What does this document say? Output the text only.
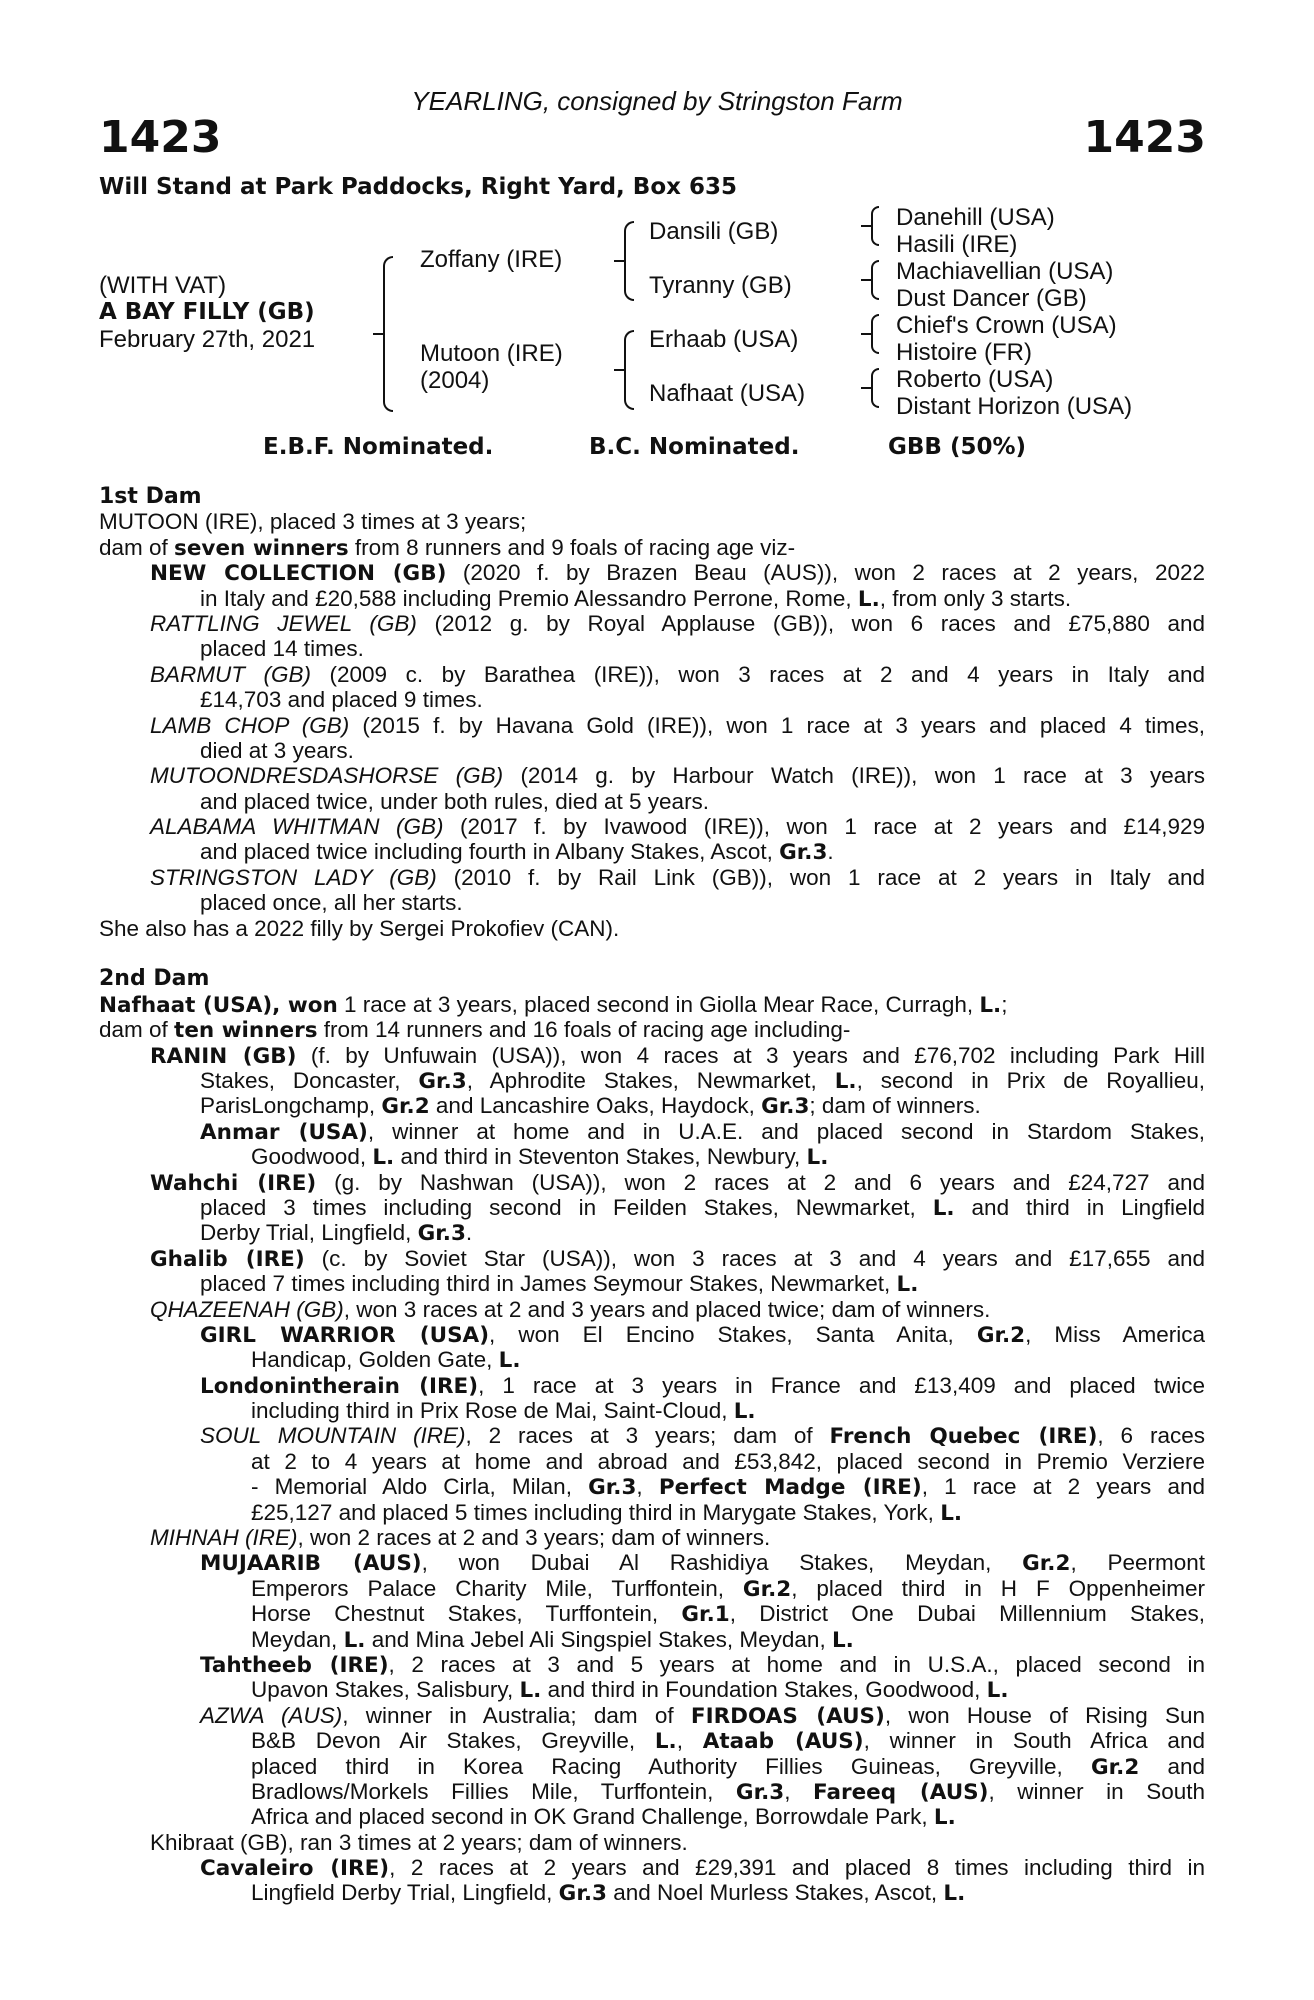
YEARLING, consigned by Stringston Farm
1423	1423
Will Stand at Park Paddocks, Right Yard, Box 635
(WITH VAT)
A BAY FILLY (GB)
February 27th, 2021
Zoffany (IRE)
Mutoon (IRE)
(2004)
Dansili (GB)
Tyranny (GB)
Erhaab (USA)
Nafhaat (USA)
Danehill (USA)
Hasili (IRE)
Machiavellian (USA)
Dust Dancer (GB)
Chief's Crown (USA)
Histoire (FR)
Roberto (USA)
Distant Horizon (USA)
E.B.F. Nominated.	B.C. Nominated.	GBB (50%)
1st Dam
MUTOON (IRE), placed 3 times at 3 years;
dam of seven winners from 8 runners and 9 foals of racing age viz-
NEW COLLECTION (GB) (2020 f. by Brazen Beau (AUS)), won 2 races at 2 years, 2022
in Italy and £20,588 including Premio Alessandro Perrone, Rome, L., from only 3 starts.
RATTLING JEWEL (GB) (2012 g. by Royal Applause (GB)), won 6 races and £75,880 and
placed 14 times.
BARMUT (GB) (2009 c. by Barathea (IRE)), won 3 races at 2 and 4 years in Italy and
£14,703 and placed 9 times.
LAMB CHOP (GB) (2015 f. by Havana Gold (IRE)), won 1 race at 3 years and placed 4 times,
died at 3 years.
MUTOONDRESDASHORSE (GB) (2014 g. by Harbour Watch (IRE)), won 1 race at 3 years
and placed twice, under both rules, died at 5 years.
ALABAMA WHITMAN (GB) (2017 f. by Ivawood (IRE)), won 1 race at 2 years and £14,929
and placed twice including fourth in Albany Stakes, Ascot, Gr.3.
STRINGSTON LADY (GB) (2010 f. by Rail Link (GB)), won 1 race at 2 years in Italy and
placed once, all her starts.
She also has a 2022 filly by Sergei Prokofiev (CAN).
2nd Dam
Nafhaat (USA), won 1 race at 3 years, placed second in Giolla Mear Race, Curragh, L.;
dam of ten winners from 14 runners and 16 foals of racing age including-
RANIN (GB) (f. by Unfuwain (USA)), won 4 races at 3 years and £76,702 including Park Hill
Stakes, Doncaster, Gr.3, Aphrodite Stakes, Newmarket, L., second in Prix de Royallieu,
ParisLongchamp, Gr.2 and Lancashire Oaks, Haydock, Gr.3; dam of winners.
Anmar (USA), winner at home and in U.A.E. and placed second in Stardom Stakes,
Goodwood, L. and third in Steventon Stakes, Newbury, L.
Wahchi (IRE) (g. by Nashwan (USA)), won 2 races at 2 and 6 years and £24,727 and
placed 3 times including second in Feilden Stakes, Newmarket, L. and third in Lingfield
Derby Trial, Lingfield, Gr.3.
Ghalib (IRE) (c. by Soviet Star (USA)), won 3 races at 3 and 4 years and £17,655 and
placed 7 times including third in James Seymour Stakes, Newmarket, L.
QHAZEENAH (GB), won 3 races at 2 and 3 years and placed twice; dam of winners.
GIRL WARRIOR (USA), won El Encino Stakes, Santa Anita, Gr.2, Miss America
Handicap, Golden Gate, L.
Londonintherain (IRE), 1 race at 3 years in France and £13,409 and placed twice
including third in Prix Rose de Mai, Saint-Cloud, L.
SOUL MOUNTAIN (IRE), 2 races at 3 years; dam of French Quebec (IRE), 6 races
at 2 to 4 years at home and abroad and £53,842, placed second in Premio Verziere
- Memorial Aldo Cirla, Milan, Gr.3, Perfect Madge (IRE), 1 race at 2 years and
£25,127 and placed 5 times including third in Marygate Stakes, York, L.
MIHNAH (IRE), won 2 races at 2 and 3 years; dam of winners.
MUJAARIB (AUS), won Dubai Al Rashidiya Stakes, Meydan, Gr.2, Peermont
Emperors Palace Charity Mile, Turffontein, Gr.2, placed third in H F Oppenheimer
Horse Chestnut Stakes, Turffontein, Gr.1, District One Dubai Millennium Stakes,
Meydan, L. and Mina Jebel Ali Singspiel Stakes, Meydan, L.
Tahtheeb (IRE), 2 races at 3 and 5 years at home and in U.S.A., placed second in
Upavon Stakes, Salisbury, L. and third in Foundation Stakes, Goodwood, L.
AZWA (AUS), winner in Australia; dam of FIRDOAS (AUS), won House of Rising Sun
B&B Devon Air Stakes, Greyville, L., Ataab (AUS), winner in South Africa and
placed third in Korea Racing Authority Fillies Guineas, Greyville, Gr.2 and
Bradlows/Morkels Fillies Mile, Turffontein, Gr.3, Fareeq (AUS), winner in South
Africa and placed second in OK Grand Challenge, Borrowdale Park, L.
Khibraat (GB), ran 3 times at 2 years; dam of winners.
Cavaleiro (IRE), 2 races at 2 years and £29,391 and placed 8 times including third in
Lingfield Derby Trial, Lingfield, Gr.3 and Noel Murless Stakes, Ascot, L.
